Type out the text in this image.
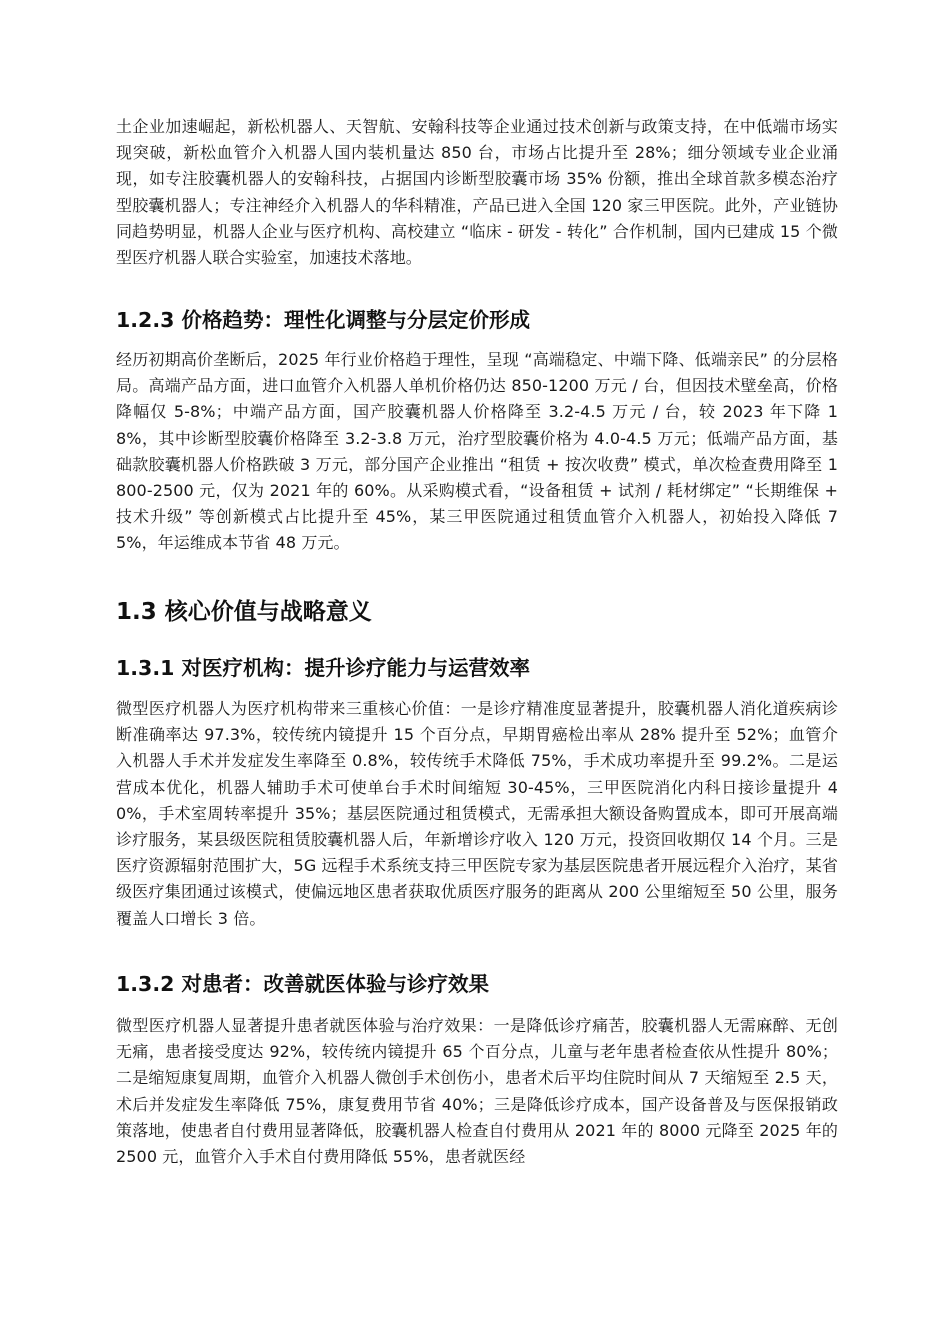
土企业加速崛起，新松机器人、天智航、安翰科技等企业通过技术创新与政策支持，在中低端市场实现突破，新松血管介入机器人国内装机量达 850 台，市场占比提升至 28%；细分领域专业企业涌现，如专注胶囊机器人的安翰科技，占据国内诊断型胶囊市场 35% 份额，推出全球首款多模态治疗型胶囊机器人；专注神经介入机器人的华科精准，产品已进入全国 120 家三甲医院。此外，产业链协同趋势明显，机器人企业与医疗机构、高校建立 “临床 - 研发 - 转化” 合作机制，国内已建成 15 个微型医疗机器人联合实验室，加速技术落地。

1.2.3 价格趋势：理性化调整与分层定价形成

经历初期高价垄断后，2025 年行业价格趋于理性，呈现 “高端稳定、中端下降、低端亲民” 的分层格局。高端产品方面，进口血管介入机器人单机价格仍达 850-1200 万元 / 台，但因技术壁垒高，价格降幅仅 5-8%；中端产品方面，国产胶囊机器人价格降至 3.2-4.5 万元 / 台，较 2023 年下降 18%，其中诊断型胶囊价格降至 3.2-3.8 万元，治疗型胶囊价格为 4.0-4.5 万元；低端产品方面，基础款胶囊机器人价格跌破 3 万元，部分国产企业推出 “租赁 + 按次收费” 模式，单次检查费用降至 1800-2500 元，仅为 2021 年的 60%。从采购模式看，“设备租赁 + 试剂 / 耗材绑定” “长期维保 + 技术升级” 等创新模式占比提升至 45%，某三甲医院通过租赁血管介入机器人，初始投入降低 75%，年运维成本节省 48 万元。

1.3 核心价值与战略意义
1.3.1 对医疗机构：提升诊疗能力与运营效率

微型医疗机器人为医疗机构带来三重核心价值：一是诊疗精准度显著提升，胶囊机器人消化道疾病诊断准确率达 97.3%，较传统内镜提升 15 个百分点，早期胃癌检出率从 28% 提升至 52%；血管介入机器人手术并发症发生率降至 0.8%，较传统手术降低 75%，手术成功率提升至 99.2%。二是运营成本优化，机器人辅助手术可使单台手术时间缩短 30-45%，三甲医院消化内科日接诊量提升 40%，手术室周转率提升 35%；基层医院通过租赁模式，无需承担大额设备购置成本，即可开展高端诊疗服务，某县级医院租赁胶囊机器人后，年新增诊疗收入 120 万元，投资回收期仅 14 个月。三是医疗资源辐射范围扩大，5G 远程手术系统支持三甲医院专家为基层医院患者开展远程介入治疗，某省级医疗集团通过该模式，使偏远地区患者获取优质医疗服务的距离从 200 公里缩短至 50 公里，服务覆盖人口增长 3 倍。

1.3.2 对患者：改善就医体验与诊疗效果

微型医疗机器人显著提升患者就医体验与治疗效果：一是降低诊疗痛苦，胶囊机器人无需麻醉、无创无痛，患者接受度达 92%，较传统内镜提升 65 个百分点，儿童与老年患者检查依从性提升 80%；二是缩短康复周期，血管介入机器人微创手术创伤小，患者术后平均住院时间从 7 天缩短至 2.5 天，术后并发症发生率降低 75%，康复费用节省 40%；三是降低诊疗成本，国产设备普及与医保报销政策落地，使患者自付费用显著降低，胶囊机器人检查自付费用从 2021 年的 8000 元降至 2025 年的 2500 元，血管介入手术自付费用降低 55%，患者就医经
